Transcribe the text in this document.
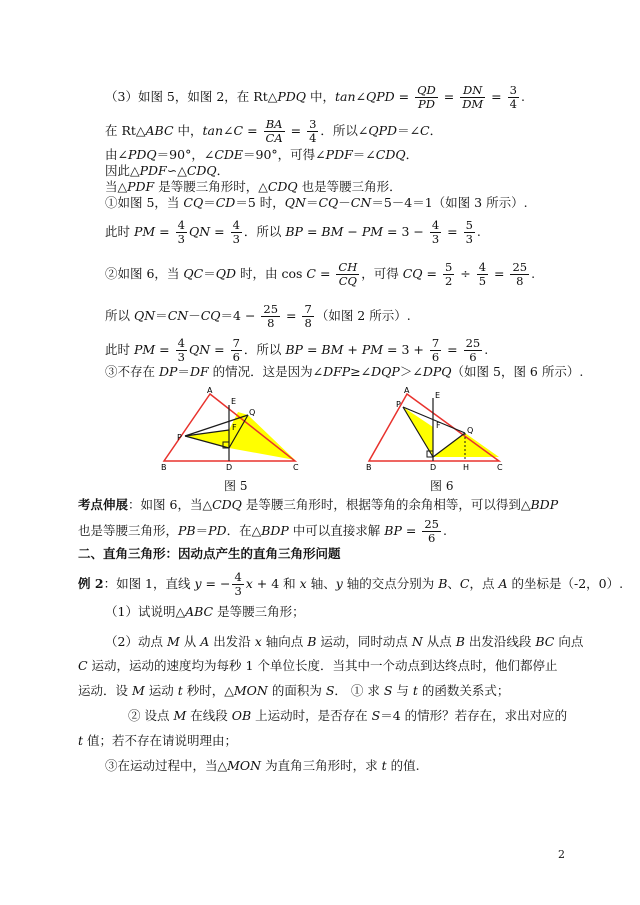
（3）如图 5，如图 2，在 Rt△PDQ 中，tan∠QPD = $\frac{QD}{PD} = \frac{DN}{DM} = \frac{3}{4}$ .
在 Rt△ABC 中，tan∠C = $\frac{BA}{CA} = \frac{3}{4}$ ．所以∠QPD＝∠C．
由∠PDQ＝90°，∠CDE＝90°，可得∠PDF＝∠CDQ．
因此△PDF∽△CDQ．
当△PDF 是等腰三角形时，△CDQ 也是等腰三角形．
①如图 5，当 CQ＝CD＝5 时，QN＝CQ－CN＝5－4＝1（如图 3 所示）.
此时 PM = $\frac{4}{3}$ QN = $\frac{4}{3}$ ．所以 BP = BM − PM = $3 - \frac{4}{3} = \frac{5}{3}$ .
②如图 6，当 QC＝QD 时，由 $\cos C = \frac{CH}{CQ}$ ，可得 CQ = $\frac{5}{2} \div \frac{4}{5} = \frac{25}{8}$ .
所以 $QN=CN-CQ=4 - \frac{25}{8} = \frac{7}{8}$ （如图 2 所示）.
此时 PM = $\frac{4}{3}$ QN = $\frac{7}{6}$ ．所以 BP = BM + PM = $3 + \frac{7}{6} = \frac{25}{6}$ .
③不存在 DP＝DF 的情况．这是因为∠DFP≥∠DQP＞∠DPQ（如图 5，图 6 所示）.
A
E
Q
F
P
B	D	C
图 5
A
E
P
F
Q
B	D	H	C
图 6
考点伸展：如图 6，当△CDQ 是等腰三角形时，根据等角的余角相等，可以得到△BDP
也是等腰三角形，PB＝PD．在△BDP 中可以直接求解 BP = $\frac{25}{6}$ .
二、直角三角形：因动点产生的直角三角形问题
例 2：如图 1，直线 y = − $\frac{4}{3}$ x + 4 和 x 轴、y 轴的交点分别为 B、C，点 A 的坐标是（-2，0）.
（1）试说明△ABC 是等腰三角形；
（2）动点 M 从 A 出发沿 x 轴向点 B 运动，同时动点 N 从点 B 出发沿线段 BC 向点
C 运动，运动的速度均为每秒 1 个单位长度．当其中一个动点到达终点时，他们都停止
运动．设 M 运动 t 秒时，△MON 的面积为 S． ① 求 S 与 t 的函数关系式；
② 设点 M 在线段 OB 上运动时，是否存在 S＝4 的情形？若存在，求出对应的
t 值；若不存在请说明理由；
③在运动过程中，当△MON 为直角三角形时，求 t 的值.
2
